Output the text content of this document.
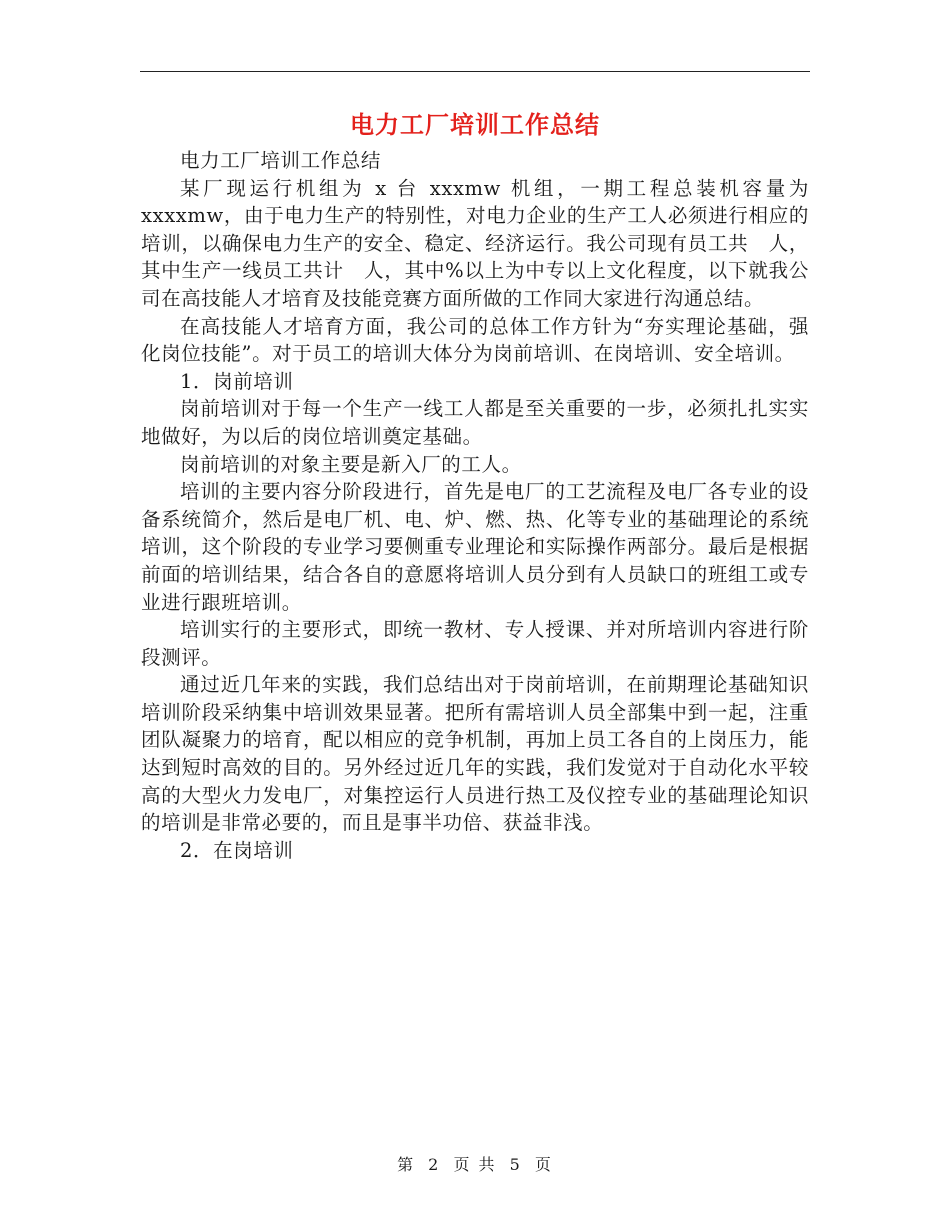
电力工厂培训工作总结

电力工厂培训工作总结

某厂现运行机组为 x 台 xxxmw 机组，一期工程总装机容量为 xxxxmw，由于电力生产的特别性，对电力企业的生产工人必须进行相应的培训，以确保电力生产的安全、稳定、经济运行。我公司现有员工共　人，其中生产一线员工共计　人，其中%以上为中专以上文化程度，以下就我公司在高技能人才培育及技能竞赛方面所做的工作同大家进行沟通总结。

在高技能人才培育方面，我公司的总体工作方针为“夯实理论基础，强化岗位技能”。对于员工的培训大体分为岗前培训、在岗培训、安全培训。

1．岗前培训

岗前培训对于每一个生产一线工人都是至关重要的一步，必须扎扎实实地做好，为以后的岗位培训奠定基础。

岗前培训的对象主要是新入厂的工人。

培训的主要内容分阶段进行，首先是电厂的工艺流程及电厂各专业的设备系统简介，然后是电厂机、电、炉、燃、热、化等专业的基础理论的系统培训，这个阶段的专业学习要侧重专业理论和实际操作两部分。最后是根据前面的培训结果，结合各自的意愿将培训人员分到有人员缺口的班组工或专业进行跟班培训。

培训实行的主要形式，即统一教材、专人授课、并对所培训内容进行阶段测评。

通过近几年来的实践，我们总结出对于岗前培训，在前期理论基础知识培训阶段采纳集中培训效果显著。把所有需培训人员全部集中到一起，注重团队凝聚力的培育，配以相应的竞争机制，再加上员工各自的上岗压力，能达到短时高效的目的。另外经过近几年的实践，我们发觉对于自动化水平较高的大型火力发电厂，对集控运行人员进行热工及仪控专业的基础理论知识的培训是非常必要的，而且是事半功倍、获益非浅。

2．在岗培训

第 2 页 共 5 页
